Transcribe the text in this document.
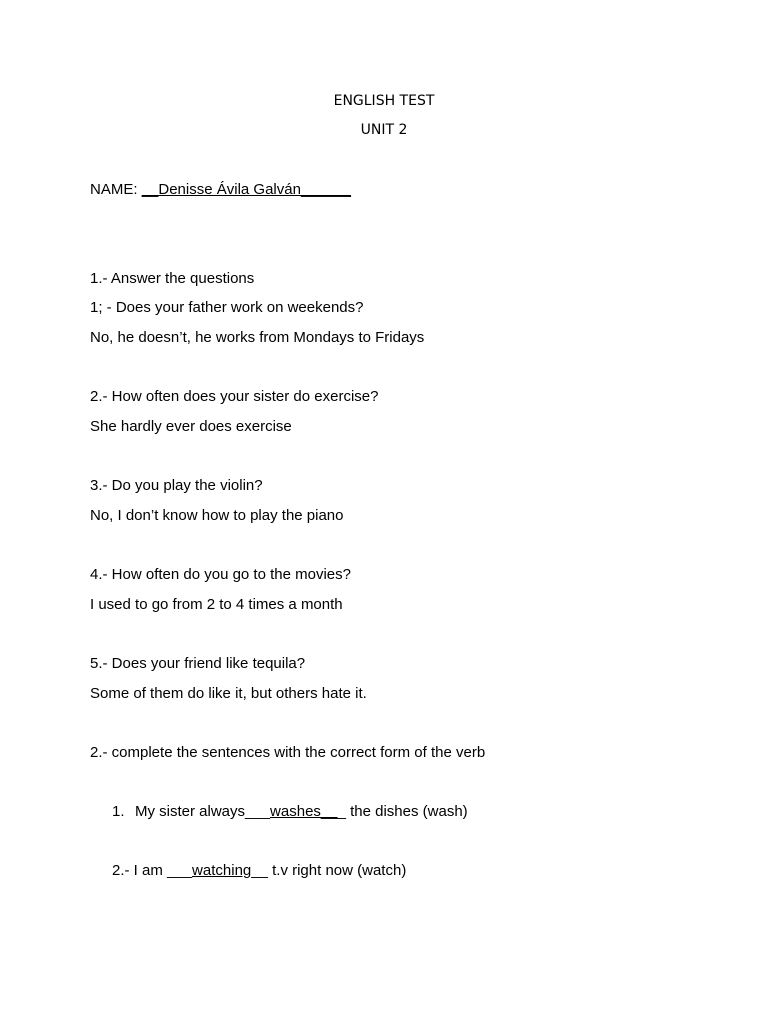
ENGLISH TEST
UNIT 2
NAME: __Denisse Ávila Galván______
1.- Answer the questions
1; - Does your father work on weekends?
No, he doesn’t, he works from Mondays to Fridays
2.- How often does your sister do exercise?
She hardly ever does exercise
3.- Do you play the violin?
No, I don’t know how to play the piano
4.- How often do you go to the movies?
I used to go from 2 to 4 times a month
5.- Does your friend like tequila?
Some of them do like it, but others hate it.
2.- complete the sentences with the correct form of the verb
1. My sister always___washes___ the dishes (wash)
2.- I am ___watching__ t.v right now (watch)
